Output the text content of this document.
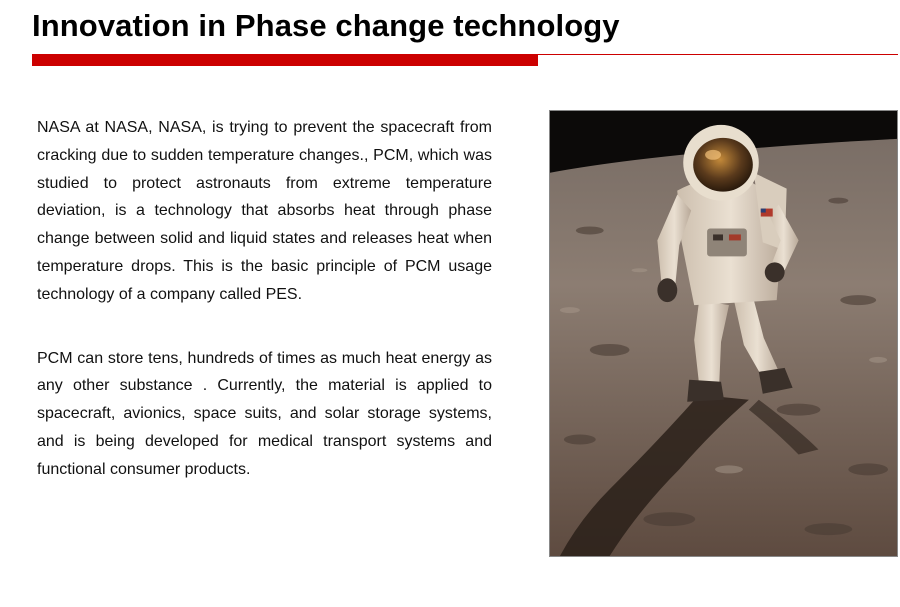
Innovation in Phase change technology

NASA at NASA, NASA, is trying to prevent the spacecraft from cracking due to sudden temperature changes., PCM, which was studied to protect astronauts from extreme temperature deviation, is a technology that absorbs heat through phase change between solid and liquid states and releases heat when temperature drops. This is the basic principle of PCM usage technology of a company called PES.

PCM can store tens, hundreds of times as much heat energy as any other substance . Currently, the material is applied to spacecraft, avionics, space suits, and solar storage systems, and is being developed for medical transport systems and functional consumer products.
